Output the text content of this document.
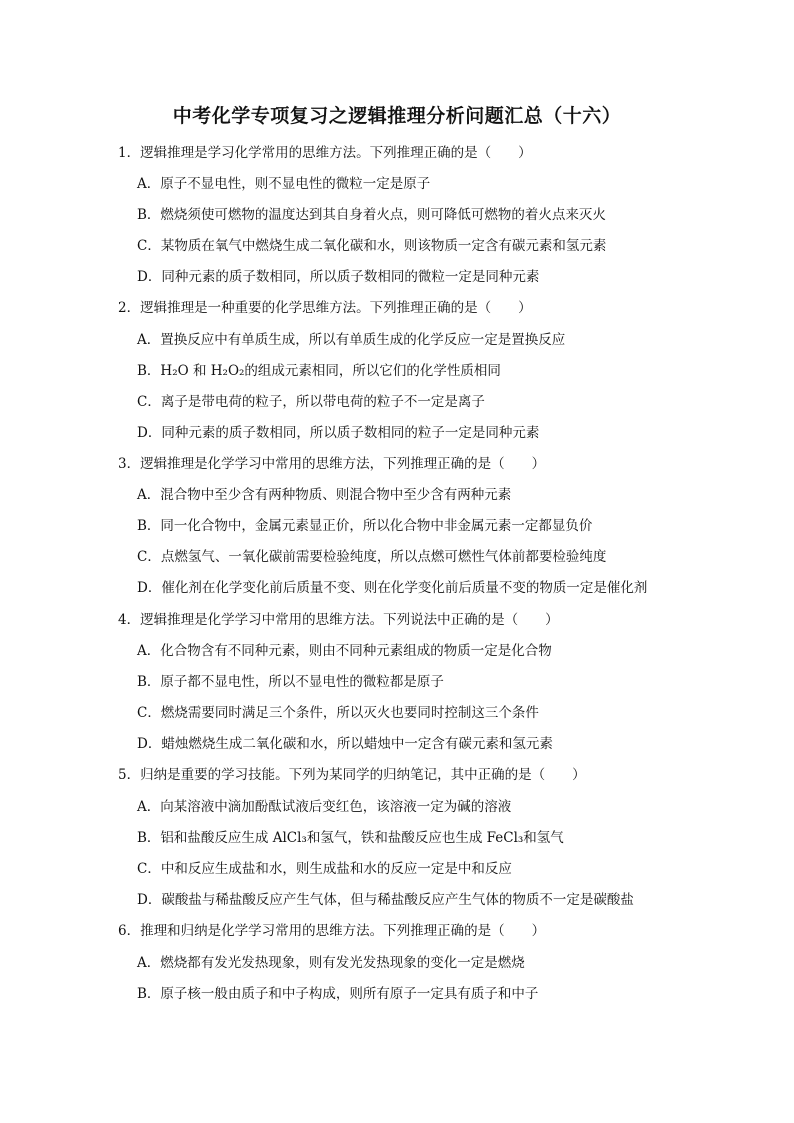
中考化学专项复习之逻辑推理分析问题汇总（十六）
1．逻辑推理是学习化学常用的思维方法。下列推理正确的是（　　）
A．原子不显电性，则不显电性的微粒一定是原子
B．燃烧须使可燃物的温度达到其自身着火点，则可降低可燃物的着火点来灭火
C．某物质在氧气中燃烧生成二氧化碳和水，则该物质一定含有碳元素和氢元素
D．同种元素的质子数相同，所以质子数相同的微粒一定是同种元素
2．逻辑推理是一种重要的化学思维方法。下列推理正确的是（　　）
A．置换反应中有单质生成，所以有单质生成的化学反应一定是置换反应
B．H₂O 和 H₂O₂的组成元素相同，所以它们的化学性质相同
C．离子是带电荷的粒子，所以带电荷的粒子不一定是离子
D．同种元素的质子数相同，所以质子数相同的粒子一定是同种元素
3．逻辑推理是化学学习中常用的思维方法，下列推理正确的是（　　）
A．混合物中至少含有两种物质、则混合物中至少含有两种元素
B．同一化合物中，金属元素显正价，所以化合物中非金属元素一定都显负价
C．点燃氢气、一氧化碳前需要检验纯度，所以点燃可燃性气体前都要检验纯度
D．催化剂在化学变化前后质量不变、则在化学变化前后质量不变的物质一定是催化剂
4．逻辑推理是化学学习中常用的思维方法。下列说法中正确的是（　　）
A．化合物含有不同种元素，则由不同种元素组成的物质一定是化合物
B．原子都不显电性，所以不显电性的微粒都是原子
C．燃烧需要同时满足三个条件，所以灭火也要同时控制这三个条件
D．蜡烛燃烧生成二氧化碳和水，所以蜡烛中一定含有碳元素和氢元素
5．归纳是重要的学习技能。下列为某同学的归纳笔记，其中正确的是（　　）
A．向某溶液中滴加酚酞试液后变红色，该溶液一定为碱的溶液
B．铝和盐酸反应生成 AlCl₃和氢气，铁和盐酸反应也生成 FeCl₃和氢气
C．中和反应生成盐和水，则生成盐和水的反应一定是中和反应
D．碳酸盐与稀盐酸反应产生气体，但与稀盐酸反应产生气体的物质不一定是碳酸盐
6．推理和归纳是化学学习常用的思维方法。下列推理正确的是（　　）
A．燃烧都有发光发热现象，则有发光发热现象的变化一定是燃烧
B．原子核一般由质子和中子构成，则所有原子一定具有质子和中子
